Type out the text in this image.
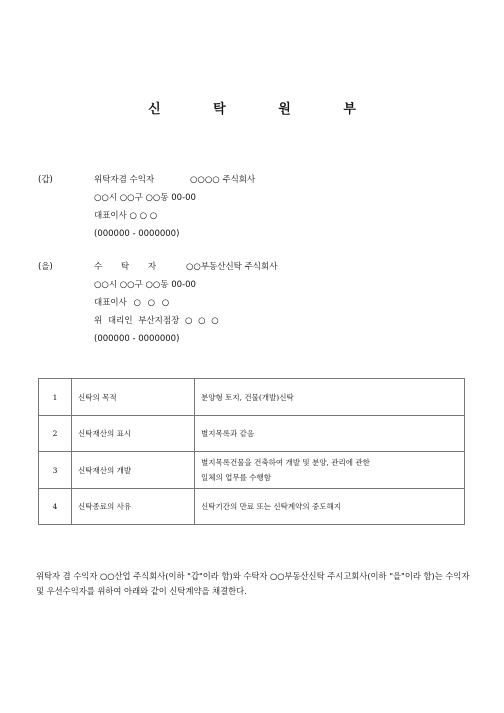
신 탁 원 부
(갑)	위탁자겸 수익자	○○○○ 주식회사
○○시 ○○구 ○○동 00-00
대표이사 ○ ○ ○
(000000 - 0000000)
(을)	수 탁 자	○○부동산신탁 주식회사
○○시 ○○구 ○○동 00-00
대표이사 ○ ○ ○
위 대리인 부산지점장 ○ ○ ○
(000000 - 0000000)
1	신탁의 목적	분양형 토지, 건물(개발)신탁
2	신탁재산의 표시	별지목록과 같음
3	신탁재산의 개발	별지목록건물을 건축하여 개발 및 분양, 관리에 관한
일체의 업무를 수행함

4	신탁종료의 사유	신탁기간의 만료 또는 신탁계약의 중도해지
위탁자 겸 수익자 ○○산업 주식회사(이하 "갑"이라 함)와 수탁자 ○○부동산신탁 주시고회사(이하 "을"이라 함)는 수익자 및 우선수익자를 위하여 아래와 같이 신탁계약을 채결한다.
